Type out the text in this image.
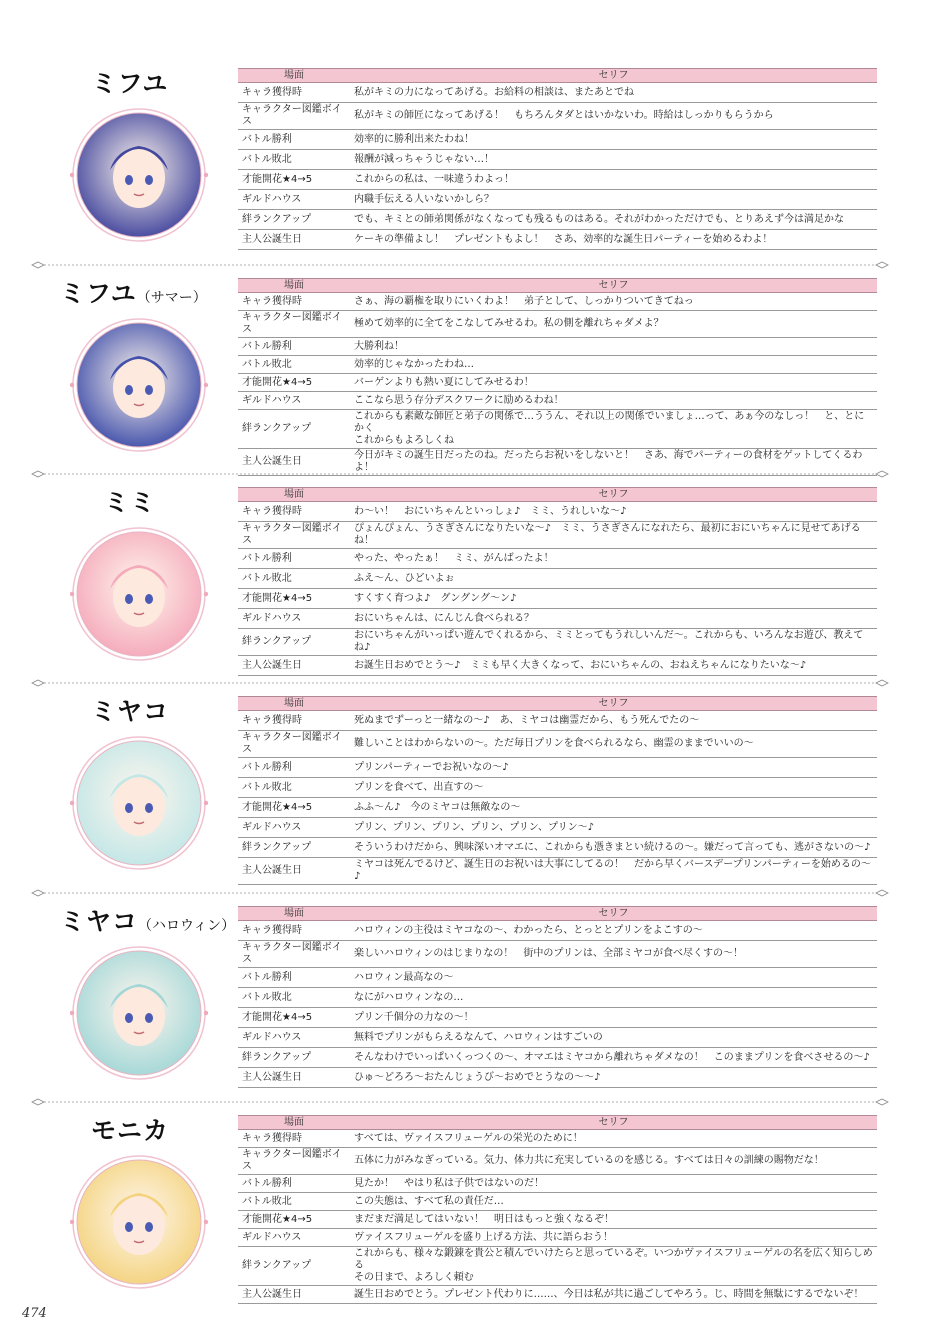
474
ミフユ	場面	セリフ
キャラ獲得時	私がキミの力になってあげる。お給料の相談は、またあとでね
キャラクター図鑑ボイス	私がキミの師匠になってあげる！　もちろんタダとはいかないわ。時給はしっかりもらうから
バトル勝利	効率的に勝利出来たわね！
バトル敗北	報酬が減っちゃうじゃない…！
才能開花★4→5	これからの私は、一味違うわよっ！
ギルドハウス	内職手伝える人いないかしら？
絆ランクアップ	でも、キミとの師弟関係がなくなっても残るものはある。それがわかっただけでも、とりあえず今は満足かな
主人公誕生日	ケーキの準備よし！　プレゼントもよし！　さあ、効率的な誕生日パーティーを始めるわよ！
ミフユ（サマー）
場面	セリフ
キャラ獲得時	さぁ、海の覇権を取りにいくわよ！　弟子として、しっかりついてきてねっ
キャラクター図鑑ボイス	極めて効率的に全てをこなしてみせるわ。私の側を離れちゃダメよ？
バトル勝利	大勝利ね！
バトル敗北	効率的じゃなかったわね…
才能開花★4→5	バーゲンよりも熱い夏にしてみせるわ！
ギルドハウス	ここなら思う存分デスクワークに励めるわね！
絆ランクアップ	これからも素敵な師匠と弟子の関係で…ううん、それ以上の関係でいましょ…って、あぁ今のなしっ！　と、とにかく
これからもよろしくね
主人公誕生日	今日がキミの誕生日だったのね。だったらお祝いをしないと！　さあ、海でパーティーの食材をゲットしてくるわよ！
ミミ	場面	セリフ
キャラ獲得時	わ〜い！　おにいちゃんといっしょ♪　ミミ、うれしいな〜♪
キャラクター図鑑ボイス	ぴょんぴょん、うさぎさんになりたいな〜♪　ミミ、うさぎさんになれたら、最初におにいちゃんに見せてあげるね！
バトル勝利	やった、やったぁ！　ミミ、がんばったよ！
バトル敗北	ふえ〜ん、ひどいよぉ
才能開花★4→5	すくすく育つよ♪　グングング〜ン♪
ギルドハウス	おにいちゃんは、にんじん食べられる？
絆ランクアップ	おにいちゃんがいっぱい遊んでくれるから、ミミとってもうれしいんだ〜。これからも、いろんなお遊び、教えてね♪
主人公誕生日	お誕生日おめでとう〜♪　ミミも早く大きくなって、おにいちゃんの、おねえちゃんになりたいな〜♪
ミヤコ	場面	セリフ
キャラ獲得時	死ぬまでずーっと一緒なの〜♪　あ、ミヤコは幽霊だから、もう死んでたの〜
キャラクター図鑑ボイス	難しいことはわからないの〜。ただ毎日プリンを食べられるなら、幽霊のままでいいの〜
バトル勝利	プリンパーティーでお祝いなの〜♪
バトル敗北	プリンを食べて、出直すの〜
才能開花★4→5	ふふ〜ん♪　今のミヤコは無敵なの〜
ギルドハウス	プリン、プリン、プリン、プリン、プリン、プリン〜♪
絆ランクアップ	そういうわけだから、興味深いオマエに、これからも憑きまとい続けるの〜。嫌だって言っても、逃がさないの〜♪
主人公誕生日	ミヤコは死んでるけど、誕生日のお祝いは大事にしてるの！　だから早くバースデープリンパーティーを始めるの〜♪
ミヤコ（ハロウィン）
場面	セリフ
キャラ獲得時	ハロウィンの主役はミヤコなの〜、わかったら、とっととプリンをよこすの〜
キャラクター図鑑ボイス	楽しいハロウィンのはじまりなの！　街中のプリンは、全部ミヤコが食べ尽くすの〜！
バトル勝利	ハロウィン最高なの〜
バトル敗北	なにがハロウィンなの…
才能開花★4→5	プリン千個分の力なの〜！
ギルドハウス	無料でプリンがもらえるなんて、ハロウィンはすごいの
絆ランクアップ	そんなわけでいっぱいくっつくの〜、オマエはミヤコから離れちゃダメなの！　このままプリンを食べさせるの〜♪
主人公誕生日	ひゅ〜どろろ〜おたんじょうび〜おめでとうなの〜〜♪
モニカ	場面	セリフ
キャラ獲得時	すべては、ヴァイスフリューゲルの栄光のために！
キャラクター図鑑ボイス	五体に力がみなぎっている。気力、体力共に充実しているのを感じる。すべては日々の訓練の賜物だな！
バトル勝利	見たか！　やはり私は子供ではないのだ！
バトル敗北	この失態は、すべて私の責任だ…
才能開花★4→5	まだまだ満足してはいない！　明日はもっと強くなるぞ！
ギルドハウス	ヴァイスフリューゲルを盛り上げる方法、共に語らおう！
絆ランクアップ	これからも、様々な鍛錬を貴公と積んでいけたらと思っているぞ。いつかヴァイスフリューゲルの名を広く知らしめる
その日まで、よろしく頼む
主人公誕生日	誕生日おめでとう。プレゼント代わりに……、今日は私が共に過ごしてやろう。じ、時間を無駄にするでないぞ！
